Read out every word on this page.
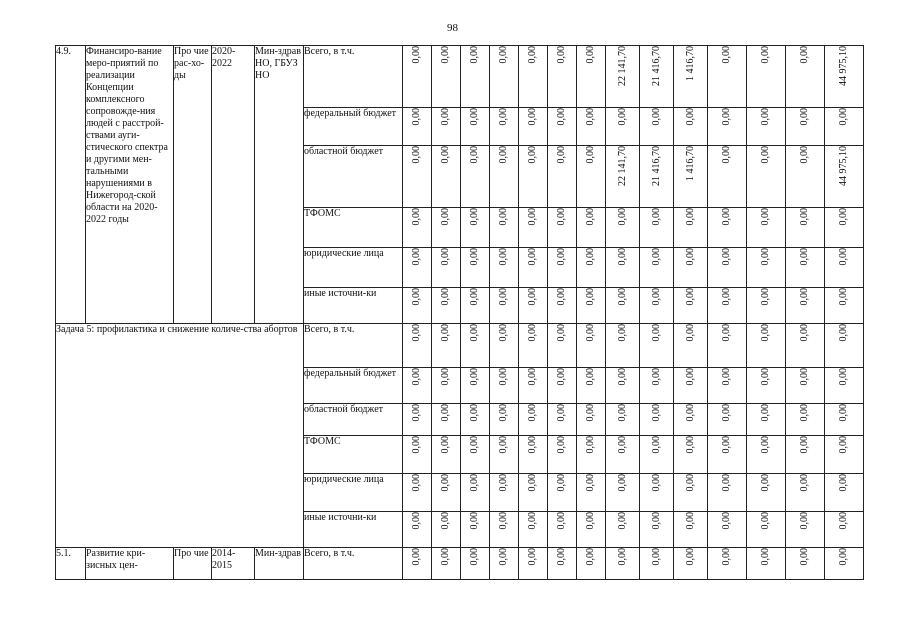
98
4.9.	Финансиро-вание меро-приятий по реализации Концепции комплексного сопровожде-ния людей с расстрой-ствами ауги-стического спектра и другими мен-тальными нарушениями в Нижегород-ской области на 2020-2022 годы	Про чие рас-хо-ды	2020-2022	Мин-здрав НО, ГБУЗ НО	Всего, в т.ч.	0,00	0,00	0,00	0,00	0,00	0,00	0,00	22 141,70	21 416,70	1 416,70	0,00	0,00	0,00	44 975,10
					федеральный бюджет	0,00	0,00	0,00	0,00	0,00	0,00	0,00	0,00	0,00	0,00	0,00	0,00	0,00	0,00
					областной бюджет	0,00	0,00	0,00	0,00	0,00	0,00	0,00	22 141,70	21 416,70	1 416,70	0,00	0,00	0,00	44 975,10
					ТФОМС	0,00	0,00	0,00	0,00	0,00	0,00	0,00	0,00	0,00	0,00	0,00	0,00	0,00	0,00
					юридические лица	0,00	0,00	0,00	0,00	0,00	0,00	0,00	0,00	0,00	0,00	0,00	0,00	0,00	0,00
					иные источни-ки	0,00	0,00	0,00	0,00	0,00	0,00	0,00	0,00	0,00	0,00	0,00	0,00	0,00	0,00
Задача 5: профилактика и снижение количе-ства абортов					Всего, в т.ч.	0,00	0,00	0,00	0,00	0,00	0,00	0,00	0,00	0,00	0,00	0,00	0,00	0,00	0,00
					федеральный бюджет	0,00	0,00	0,00	0,00	0,00	0,00	0,00	0,00	0,00	0,00	0,00	0,00	0,00	0,00
					областной бюджет	0,00	0,00	0,00	0,00	0,00	0,00	0,00	0,00	0,00	0,00	0,00	0,00	0,00	0,00
					ТФОМС	0,00	0,00	0,00	0,00	0,00	0,00	0,00	0,00	0,00	0,00	0,00	0,00	0,00	0,00
					юридические лица	0,00	0,00	0,00	0,00	0,00	0,00	0,00	0,00	0,00	0,00	0,00	0,00	0,00	0,00
					иные источни-ки	0,00	0,00	0,00	0,00	0,00	0,00	0,00	0,00	0,00	0,00	0,00	0,00	0,00	0,00
5.1.	Развитие кри-зисных цен-	Про чие	2014-2015	Мин-здрав	Всего, в т.ч.	0,00	0,00	0,00	0,00	0,00	0,00	0,00	0,00	0,00	0,00	0,00	0,00	0,00	0,00
